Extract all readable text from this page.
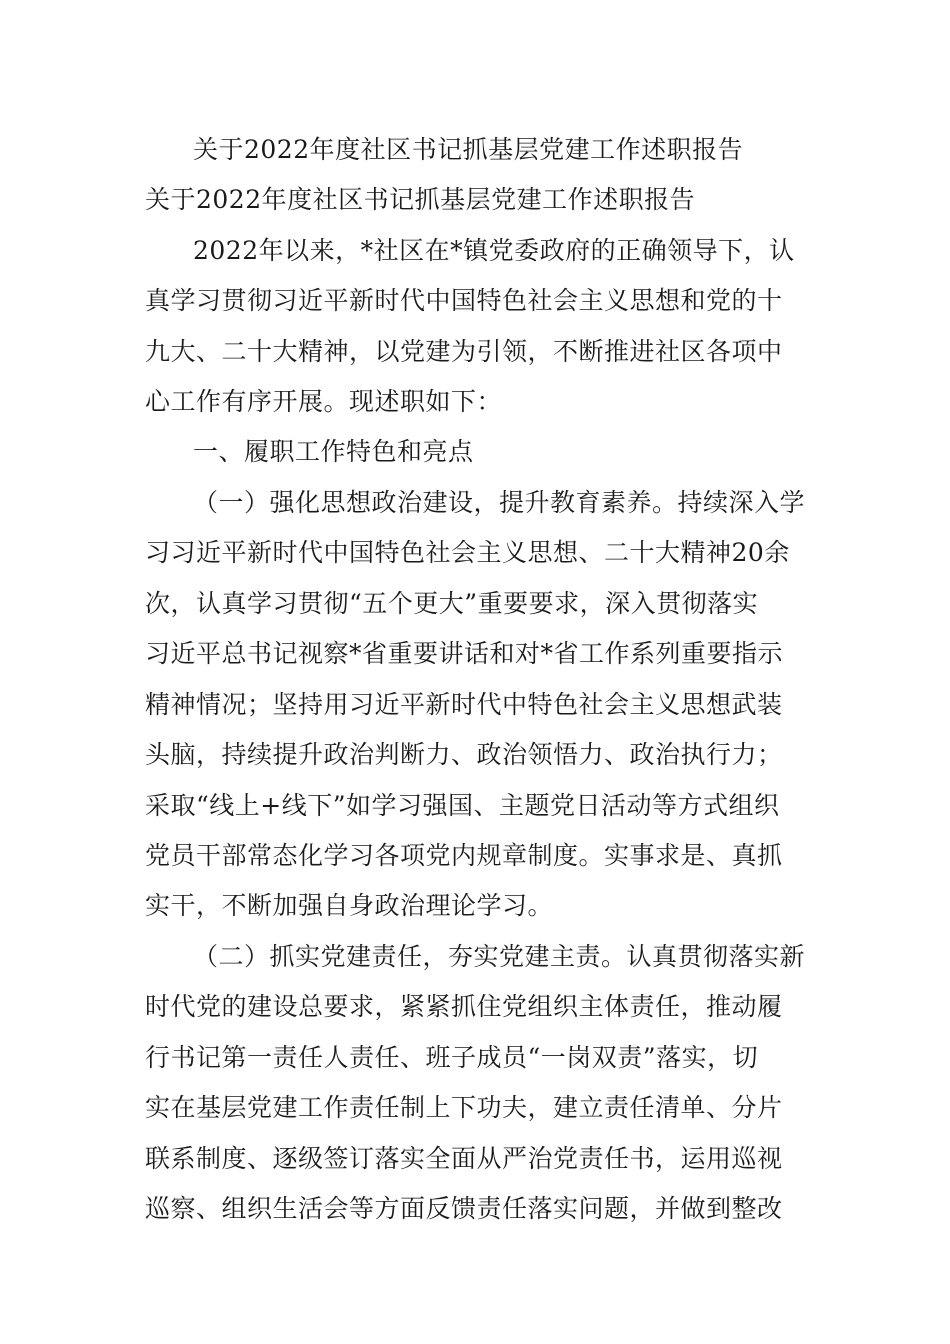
关于2022年度社区书记抓基层党建工作述职报告
关于2022年度社区书记抓基层党建工作述职报告
2022年以来，*社区在*镇党委政府的正确领导下，认
真学习贯彻习近平新时代中国特色社会主义思想和党的十
九大、二十大精神，以党建为引领，不断推进社区各项中
心工作有序开展。现述职如下：
一、履职工作特色和亮点
（一）强化思想政治建设，提升教育素养。持续深入学
习习近平新时代中国特色社会主义思想、二十大精神20余
次，认真学习贯彻“五个更大”重要要求，深入贯彻落实
习近平总书记视察*省重要讲话和对*省工作系列重要指示
精神情况；坚持用习近平新时代中特色社会主义思想武装
头脑，持续提升政治判断力、政治领悟力、政治执行力；
采取“线上+线下”如学习强国、主题党日活动等方式组织
党员干部常态化学习各项党内规章制度。实事求是、真抓
实干，不断加强自身政治理论学习。
（二）抓实党建责任，夯实党建主责。认真贯彻落实新
时代党的建设总要求，紧紧抓住党组织主体责任，推动履
行书记第一责任人责任、班子成员“一岗双责”落实，切
实在基层党建工作责任制上下功夫，建立责任清单、分片
联系制度、逐级签订落实全面从严治党责任书，运用巡视
巡察、组织生活会等方面反馈责任落实问题，并做到整改
